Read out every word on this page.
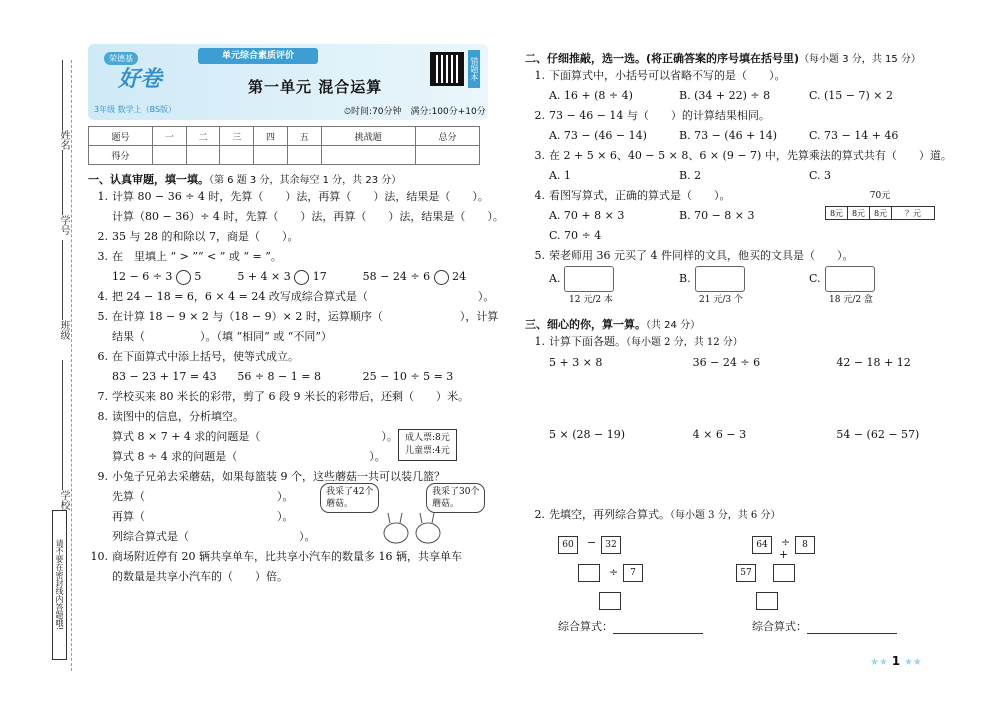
姓名
学号
班级
学校
请不要在密封线内答题哦!
荣德基
好卷
3年级 数学上（BS版）
单元综合素质评价
第一单元 混合运算
错题本
⏲时间:70分钟　 满分:100分+10分
题号	一	二	三	四	五	挑战题	总分
得分							
一、认真审题，填一填。（第 6 题 3 分，其余每空 1 分，共 23 分）
1. 计算 80 − 36 ÷ 4 时，先算（　　）法，再算（　　）法，结果是（　　）。
计算（80 − 36）÷ 4 时，先算（　　）法，再算（　　）法，结果是（　　）。
2. 35 与 28 的和除以 7，商是（　　）。
3. 在　里填上 “ > ”“ < ” 或 “ = ”。
12 − 6 ÷ 3 5	5 + 4 × 3 17	58 − 24 ÷ 6 24
4. 把 24 − 18 = 6，6 × 4 = 24 改写成综合算式是（　　　　　　　　　　）。
5. 在计算 18 − 9 × 2 与（18 − 9）× 2 时，运算顺序（　　　　　　　），计算
结果（　　　　　）。（填 “相同” 或 “不同”）
6. 在下面算式中添上括号，使等式成立。
83 − 23 + 17 = 43	56 ÷ 8 − 1 = 8	25 − 10 ÷ 5 = 3
7. 学校买来 80 米长的彩带，剪了 6 段 9 米长的彩带后，还剩（　　）米。
8. 读图中的信息，分析填空。
成人票:8元
儿童票:4元
算式 8 × 7 + 4 求的问题是（　　　　　　　　　　　）。
算式 8 ÷ 4 求的问题是（　　　　　　　　　　　　）。
9. 小兔子兄弟去采蘑菇，如果每篮装 9 个，这些蘑菇一共可以装几篮？
先算（　　　　　　　　　　　　）。
再算（　　　　　　　　　　　　）。
列综合算式是（　　　　　　　　　　）。
我采了42个
蘑菇。
我采了30个
蘑菇。
10. 商场附近停有 20 辆共享单车，比共享小汽车的数量多 16 辆，共享单车
的数量是共享小汽车的（　　）倍。
二、仔细推敲，选一选。(将正确答案的序号填在括号里)（每小题 3 分，共 15 分）
1. 下面算式中，小括号可以省略不写的是（　　）。
A. 16 + (8 ÷ 4)	B. (34 + 22) ÷ 8	C. (15 − 7) × 2
2. 73 − 46 − 14 与（　　）的计算结果相同。
A. 73 − (46 − 14)	B. 73 − (46 + 14)	C. 73 − 14 + 46
3. 在 2 + 5 × 6、40 − 5 × 8、6 × (9 − 7) 中，先算乘法的算式共有（　　）道。
A. 1	B. 2	C. 3
4. 看图写算式，正确的算式是（　　）。	70元
8元	8元	8元	？元
A. 70 + 8 × 3	B. 70 − 8 × 3
C. 70 ÷ 4
5. 荣老师用 36 元买了 4 件同样的文具，他买的文具是（　　）。
A.
12 元/2 本
B.
21 元/3 个
C.
18 元/2 盒
三、细心的你，算一算。（共 24 分）
1. 计算下面各题。（每小题 2 分，共 12 分）
5 + 3 × 8	36 − 24 ÷ 6	42 − 18 + 12
5 × (28 − 19)	4 × 6 − 3	54 − (62 − 57)
2. 先填空，再列综合算式。（每小题 3 分，共 6 分）
60	−	32
÷	7
64	÷	8
+
57
综合算式：	综合算式：
★★ 1 ★★
